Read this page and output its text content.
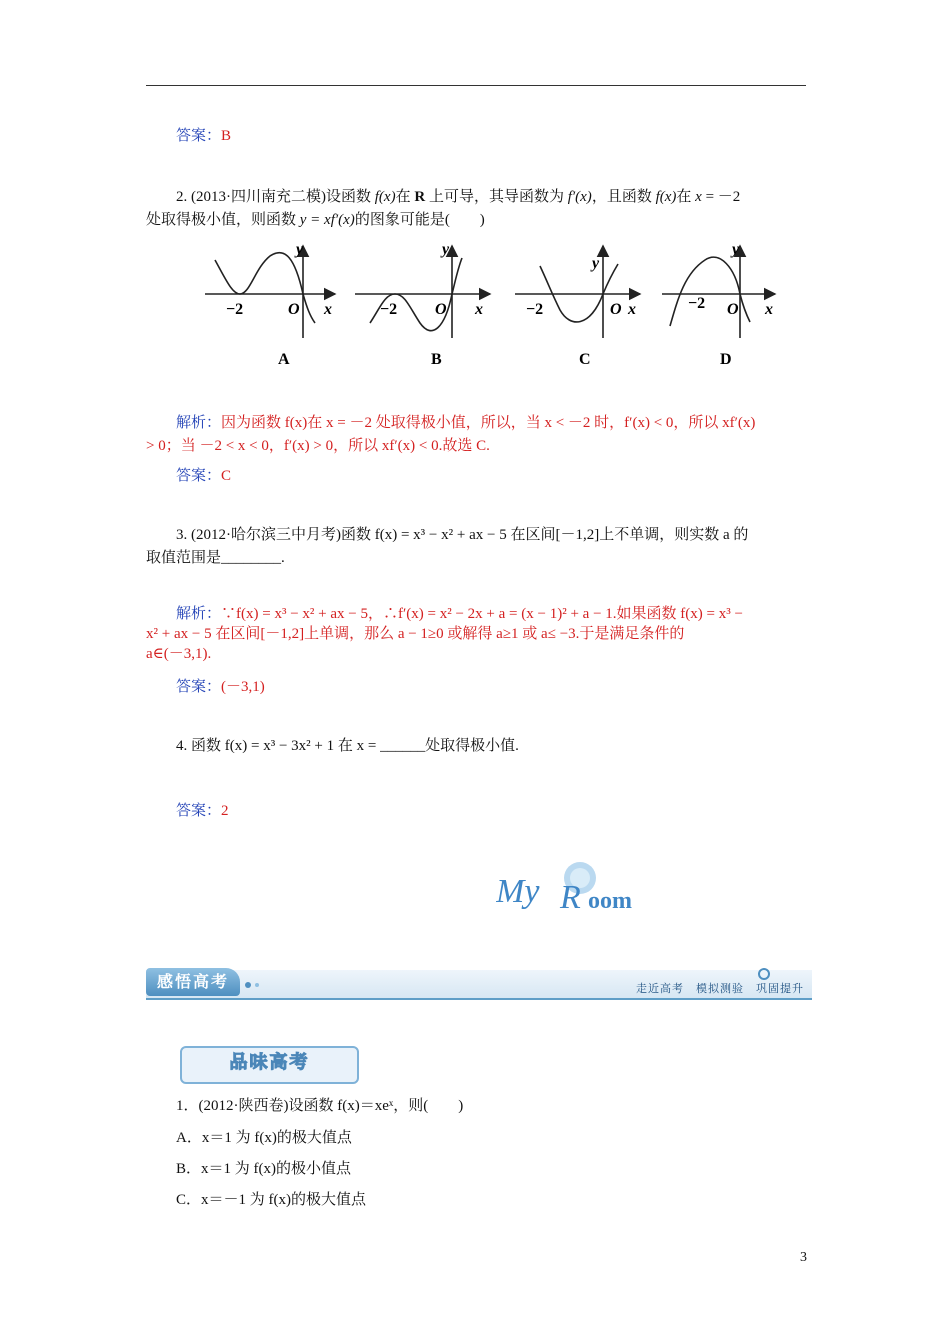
答案：B
2. (2013·四川南充二模)设函数 f(x)在 R 上可导，其导函数为 f′(x)，且函数 f(x)在 x = －2
处取得极小值，则函数 y = xf′(x)的图象可能是(　　)
y
x
O
−2
A
y
x
O
−2
B
y
x
O
−2
C
y
x
O
−2
D
解析：因为函数 f(x)在 x = －2 处取得极小值，所以，当 x < －2 时，f′(x) < 0，所以 xf′(x)
> 0；当 －2 < x < 0，f′(x) > 0，所以 xf′(x) < 0.故选 C.
答案：C
3. (2012·哈尔滨三中月考)函数 f(x) = x³ − x² + ax − 5 在区间[－1,2]上不单调，则实数 a 的
取值范围是________.
解析：∵f(x) = x³ − x² + ax − 5，∴f′(x) = x² − 2x + a = (x − 1)² + a − 1.如果函数 f(x) = x³ −
x² + ax − 5 在区间[－1,2]上单调，那么 a − 1≥0 或解得 a≥1 或 a≤ −3.于是满足条件的
a∈(－3,1).
答案：(－3,1)
4. 函数 f(x) = x³ − 3x² + 1 在 x = ______处取得极小值.
答案：2
My R oom
感悟高考	走近高考　模拟测验　巩固提升
品味高考
1．(2012·陕西卷)设函数 f(x)＝xeˣ，则(　　)
A．x＝1 为 f(x)的极大值点
B．x＝1 为 f(x)的极小值点
C．x＝－1 为 f(x)的极大值点
3
